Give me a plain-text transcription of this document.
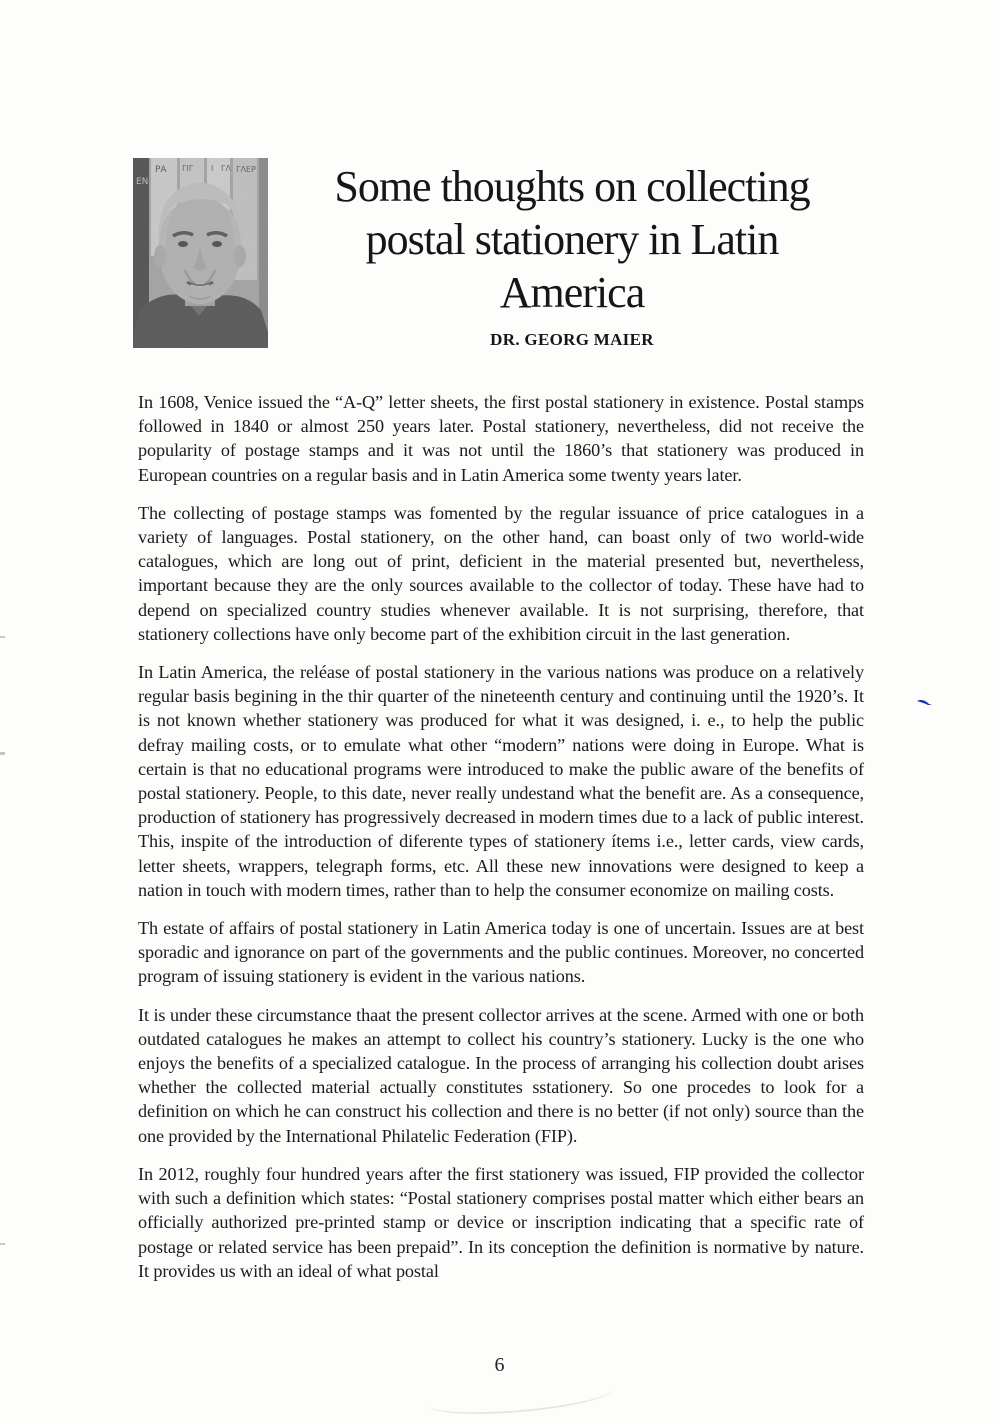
ΕΝ
ΡΑ ΓΙΓ Ι ΓΛ ΓΛΕΡ	Some thoughts on collecting
postal stationery in Latin
America
DR. GEORG MAIER

In 1608, Venice issued the “A-Q” letter sheets, the first postal stationery in existence. Postal stamps followed in 1840 or almost 250 years later. Postal stationery, nevertheless, did not receive the popularity of postage stamps and it was not until the 1860’s that stationery was produced in European countries on a regular basis and in Latin America some twenty years later.

The collecting of postage stamps was fomented by the regular issuance of price catalogues in a variety of languages. Postal stationery, on the other hand, can boast only of two world-wide catalogues, which are long out of print, deficient in the material presented but, nevertheless, important because they are the only sources available to the collector of today. These have had to depend on specialized country studies whenever available. It is not surprising, therefore, that stationery collections have only become part of the exhibition circuit in the last generation.

In Latin America, the reléase of postal stationery in the various nations was produce on a relatively regular basis begining in the thir quarter of the nineteenth century and continuing until the 1920’s. It is not known whether stationery was produced for what it was designed, i. e., to help the public defray mailing costs, or to emulate what other “modern” nations were doing in Europe. What is certain is that no educational programs were introduced to make the public aware of the benefits of postal stationery. People, to this date, never really undestand what the benefit are. As a consequence, production of stationery has progressively decreased in modern times due to a lack of public interest. This, inspite of the introduction of diferente types of stationery ítems i.e., letter cards, view cards, letter sheets, wrappers, telegraph forms, etc. All these new innovations were designed to keep a nation in touch with modern times, rather than to help the consumer economize on mailing costs.

Th estate of affairs of postal stationery in Latin America today is one of uncertain. Issues are at best sporadic and ignorance on part of the governments and the public continues. Moreover, no concerted program of issuing stationery is evident in the various nations.

It is under these circumstance thaat the present collector arrives at the scene. Armed with one or both outdated catalogues he makes an attempt to collect his country’s stationery. Lucky is the one who enjoys the benefits of a specialized catalogue. In the process of arranging his collection doubt arises whether the collected material actually constitutes sstationery. So one procedes to look for a definition on which he can construct his collection and there is no better (if not only) source than the one provided by the International Philatelic Federation (FIP).

In 2012, roughly four hundred years after the first stationery was issued, FIP provided the collector with such a definition which states: “Postal stationery comprises postal matter which either bears an officially authorized pre-printed stamp or device or inscription indicating that a specific rate of postage or related service has been prepaid”. In its conception the definition is normative by nature. It provides us with an ideal of what postal

6
